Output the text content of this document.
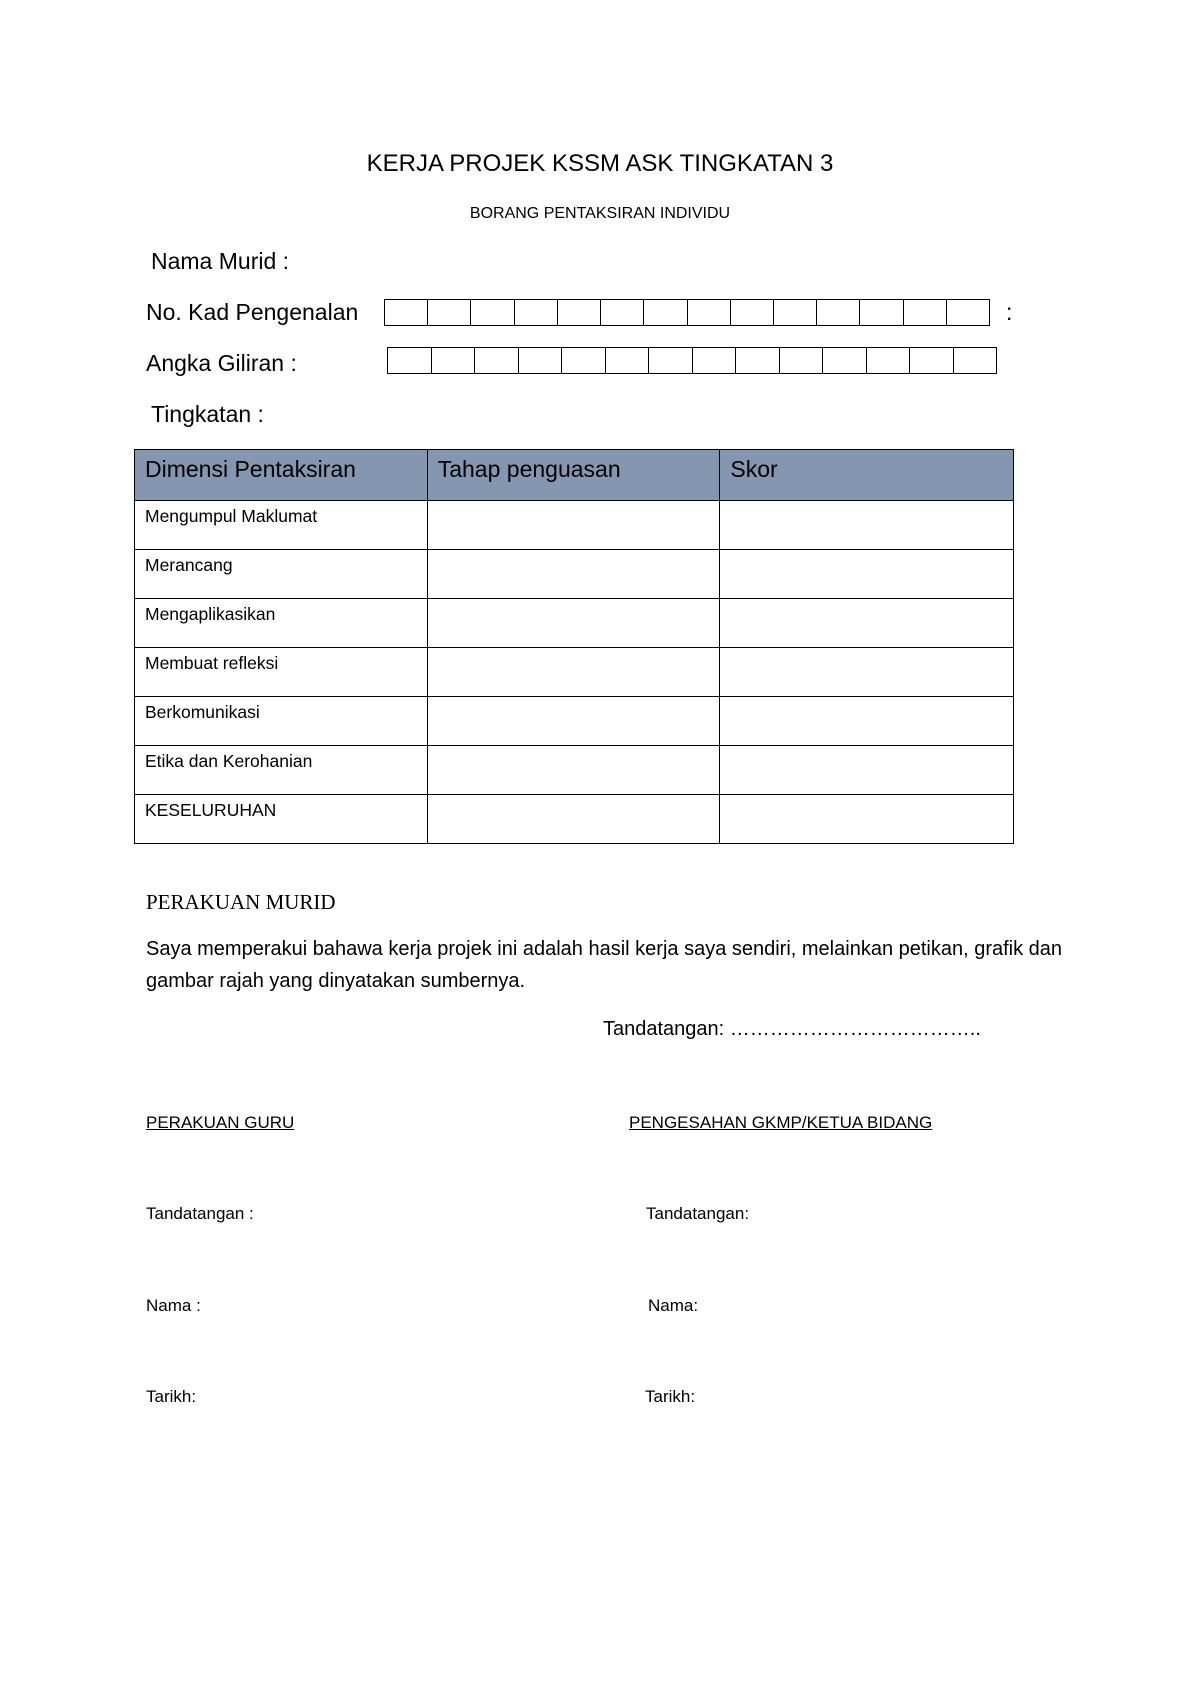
KERJA PROJEK KSSM ASK TINGKATAN 3
BORANG PENTAKSIRAN INDIVIDU
Nama Murid :
No. Kad Pengenalan	:
Angka Giliran :
Tingkatan :
Dimensi Pentaksiran	Tahap penguasan	Skor
Mengumpul Maklumat		
Merancang		
Mengaplikasikan		
Membuat refleksi		
Berkomunikasi		
Etika dan Kerohanian		
KESELURUHAN		
PERAKUAN MURID
Saya memperakui bahawa kerja projek ini adalah hasil kerja saya sendiri, melainkan petikan, grafik dan gambar rajah yang dinyatakan sumbernya.
Tandatangan: ………………………………..
PERAKUAN GURU	PENGESAHAN GKMP/KETUA BIDANG
Tandatangan :	Tandatangan:
Nama :	Nama:
Tarikh:	Tarikh:
